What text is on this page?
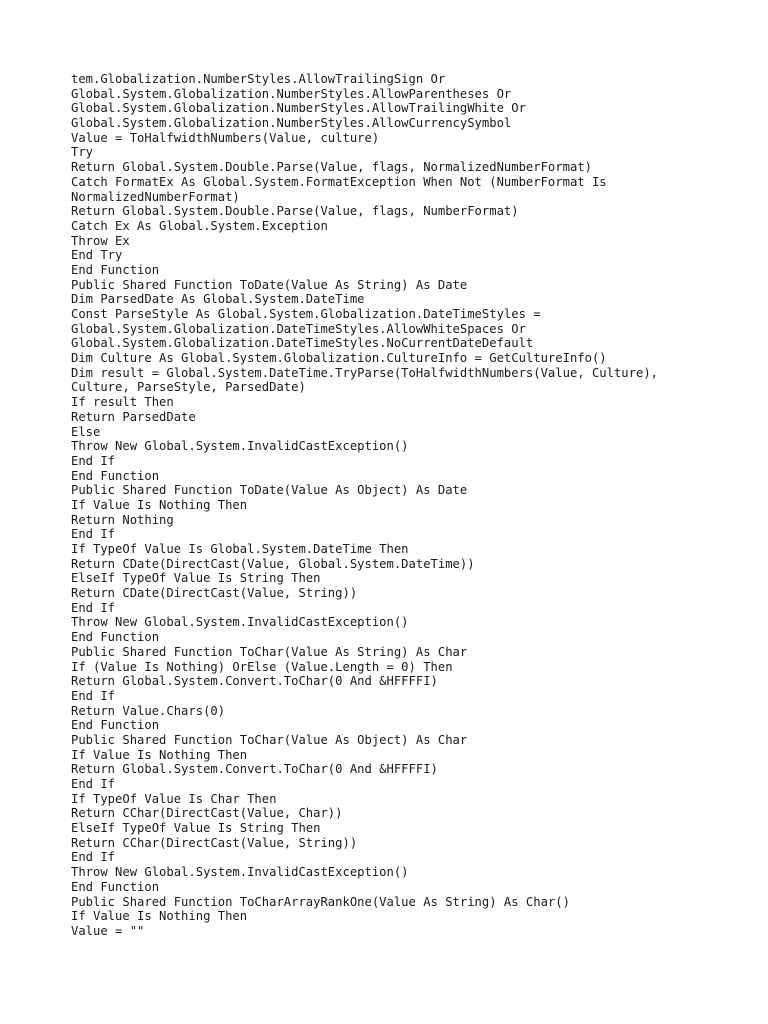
tem.Globalization.NumberStyles.AllowTrailingSign Or
Global.System.Globalization.NumberStyles.AllowParentheses Or
Global.System.Globalization.NumberStyles.AllowTrailingWhite Or
Global.System.Globalization.NumberStyles.AllowCurrencySymbol
Value = ToHalfwidthNumbers(Value, culture)
Try
Return Global.System.Double.Parse(Value, flags, NormalizedNumberFormat)
Catch FormatEx As Global.System.FormatException When Not (NumberFormat Is
NormalizedNumberFormat)
Return Global.System.Double.Parse(Value, flags, NumberFormat)
Catch Ex As Global.System.Exception
Throw Ex
End Try
End Function
Public Shared Function ToDate(Value As String) As Date
Dim ParsedDate As Global.System.DateTime
Const ParseStyle As Global.System.Globalization.DateTimeStyles =
Global.System.Globalization.DateTimeStyles.AllowWhiteSpaces Or
Global.System.Globalization.DateTimeStyles.NoCurrentDateDefault
Dim Culture As Global.System.Globalization.CultureInfo = GetCultureInfo()
Dim result = Global.System.DateTime.TryParse(ToHalfwidthNumbers(Value, Culture),
Culture, ParseStyle, ParsedDate)
If result Then
Return ParsedDate
Else
Throw New Global.System.InvalidCastException()
End If
End Function
Public Shared Function ToDate(Value As Object) As Date
If Value Is Nothing Then
Return Nothing
End If
If TypeOf Value Is Global.System.DateTime Then
Return CDate(DirectCast(Value, Global.System.DateTime))
ElseIf TypeOf Value Is String Then
Return CDate(DirectCast(Value, String))
End If
Throw New Global.System.InvalidCastException()
End Function
Public Shared Function ToChar(Value As String) As Char
If (Value Is Nothing) OrElse (Value.Length = 0) Then
Return Global.System.Convert.ToChar(0 And &HFFFFI)
End If
Return Value.Chars(0)
End Function
Public Shared Function ToChar(Value As Object) As Char
If Value Is Nothing Then
Return Global.System.Convert.ToChar(0 And &HFFFFI)
End If
If TypeOf Value Is Char Then
Return CChar(DirectCast(Value, Char))
ElseIf TypeOf Value Is String Then
Return CChar(DirectCast(Value, String))
End If
Throw New Global.System.InvalidCastException()
End Function
Public Shared Function ToCharArrayRankOne(Value As String) As Char()
If Value Is Nothing Then
Value = ""
